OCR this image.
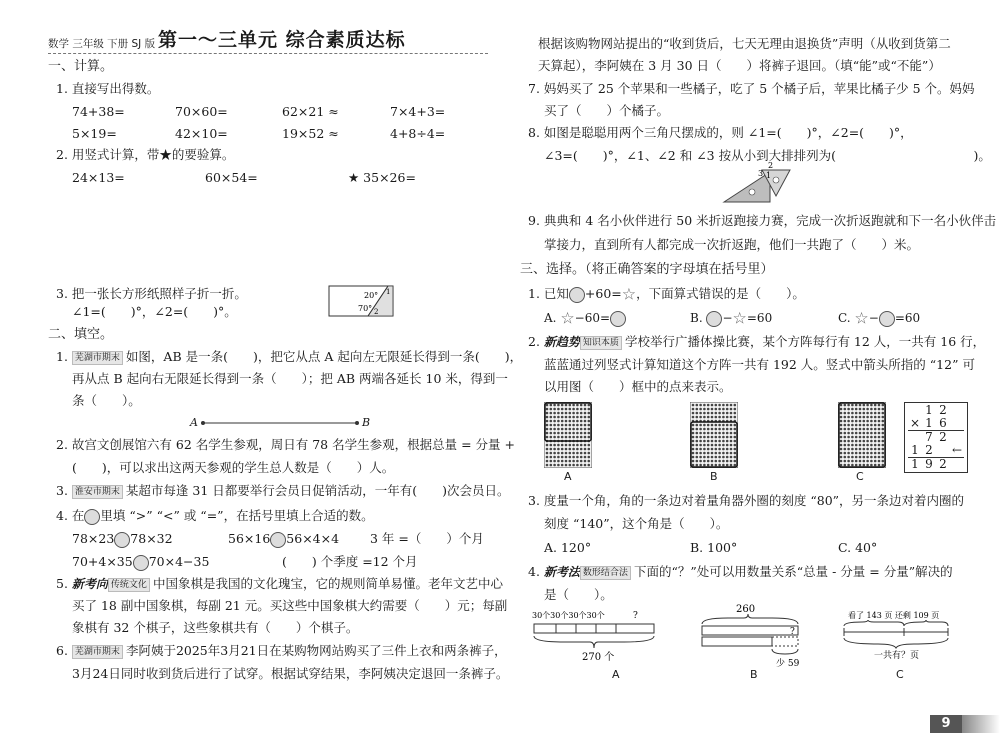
数学 三年级 下册 SJ 版 第一～三单元 综合素质达标
一、计算。
1. 直接写出得数。
74+38=	70×60=	62×21 ≈	7×4+3=
5×19=	42×10=	19×52 ≈	4+8÷4=
2. 用竖式计算，带★的要验算。
24×13=	60×54=	★ 35×26=
3. 把一张长方形纸照样子折一折。
∠1=(　　)°，∠2=(　　)°。
20°
70°
1
2
二、填空。
1. 芜湖市期末 如图，AB 是一条(　　)，把它从点 A 起向左无限延长得到一条(　　)，
再从点 B 起向右无限延长得到一条（　　）；把 AB 两端各延长 10 米，得到一
条（　　）。
A	B
2. 故宫文创展馆六有 62 名学生参观，周日有 78 名学生参观，根据总量 = 分量 +
(　　)，可以求出这两天参观的学生总人数是（　　）人。
3. 淮安市期末 某超市每逢 31 日都要举行会员日促销活动，一年有(　　)次会员日。
4. 在 里填 “>” “<” 或 “=”，在括号里填上合适的数。
78×23 78×32	56×16 56×4×4 3 年 =（　　）个月
70+4×35 70×4−35	(　　) 个季度 =12 个月
5. 新考向 传统文化 中国象棋是我国的文化瑰宝，它的规则简单易懂。老年文艺中心
买了 18 副中国象棋，每副 21 元。买这些中国象棋大约需要（　　）元；每副
象棋有 32 个棋子，这些象棋共有（　　）个棋子。
6. 芜湖市期末 李阿姨于2025年3月21日在某购物网站购买了三件上衣和两条裤子，
3月24日同时收到货后进行了试穿。根据试穿结果，李阿姨决定退回一条裤子。
根据该购物网站提出的“收到货后，七天无理由退换货”声明（从收到货第二
天算起），李阿姨在 3 月 30 日（　　）将裤子退回。（填“能”或“不能”）
7. 妈妈买了 25 个苹果和一些橘子，吃了 5 个橘子后，苹果比橘子少 5 个。妈妈
买了（　　）个橘子。
8. 如图是聪聪用两个三角尺摆成的，则 ∠1=(　　)°，∠2=(　　)°，
∠3=(　　)°，∠1、∠2 和 ∠3 按从小到大排排列为(　　　　　　　　　　　)。
2
3 1
9. 典典和 4 名小伙伴进行 50 米折返跑接力赛，完成一次折返跑就和下一名小伙伴击
掌接力，直到所有人都完成一次折返跑，他们一共跑了（　　）米。
三、选择。（将正确答案的字母填在括号里）
1. 已知 +60=☆，下面算式错误的是（　　）。
A. ☆−60=	B. −☆=60	C. ☆− =60
2. 新趋势 知识本质 学校举行广播体操比赛，某个方阵每行有 12 人，一共有 16 行，
蓝蓝通过列竖式计算知道这个方阵一共有 192 人。竖式中箭头所指的 “12” 可
以用图（　　）框中的点来表示。
	1	2	
×	1	6	
	7	2	
1	2		←
1	9	2	
A	B	C
3. 度量一个角，角的一条边对着量角器外圈的刻度 “80”，另一条边对着内圈的
刻度 “140”，这个角是（　　）。
A. 120°	B. 100°	C. 40°
4. 新考法 数形结合法 下面的“？”处可以用数量关系“总量 - 分量 = 分量”解决的
是（　　）。
30个30个30个30个	?
270 个
260
?
少 59
看了 143 页 还剩 109 页
一共有？页
A	B	C
9
